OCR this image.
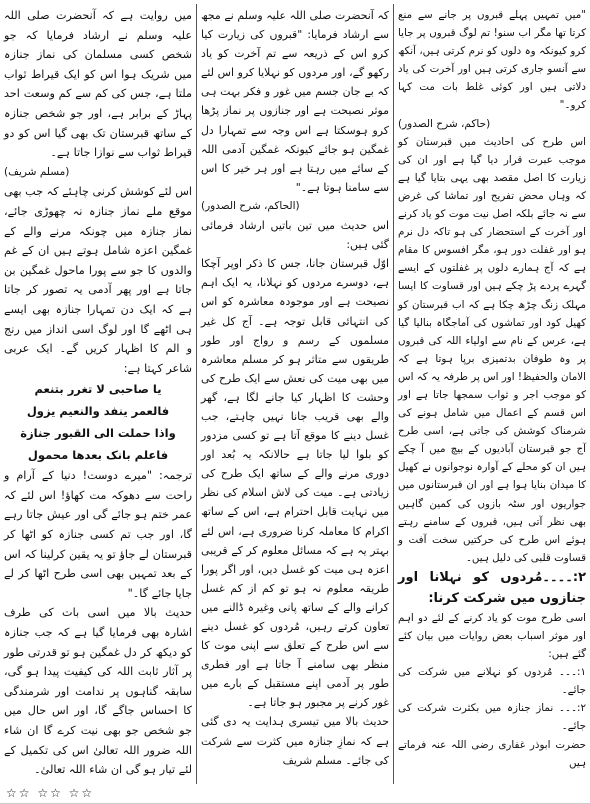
"میں تمہیں پہلے قبروں پر جانے سے منع کرتا تھا مگر اب سنو! تم لوگ قبروں پر جایا کرو کیونکہ وہ دلوں کو نرم کرتی ہیں، آنکھ سے آنسو جاری کرتی ہیں اور آخرت کی یاد دلاتی ہیں اور کوئی غلط بات مت کہا کرو۔"

(حاکم، شرح الصدور)

اس طرح کی احادیث میں قبرستان کو موجب عبرت قرار دیا گیا ہے اور ان کی زیارت کا اصل مقصد بھی یہی بتایا گیا ہے کہ وہاں محض تفریح اور تماشا کی غرض سے نہ جائے بلکہ اصل نیت موت کو یاد کرنے اور آخرت کے استحضار کی ہو تاکہ دل نرم ہو اور غفلت دور ہو، مگر افسوس کا مقام ہے کہ آج ہمارے دلوں پر غفلتوں کے ایسے گہرے پردے پڑ چکے ہیں اور قساوت کا ایسا مہلک زنگ چڑھ چکا ہے کہ اب قبرستان کو کھیل کود اور تماشوں کی آماجگاہ بنالیا گیا ہے، عرس کے نام سے اولیاء اللہ کی قبروں پر وہ طوفان بدتمیزی برپا ہوتا ہے کہ الامان والحفیظ! اور اس پر طرفہ یہ کہ اس کو موجب اجر و ثواب سمجھا جاتا ہے اور اس قسم کے اعمال میں شامل ہونے کی شرمناک کوشش کی جاتی ہے، اسی طرح آج جو قبرستان آبادیوں کے بیچ میں آ چکے ہیں ان کو محلے کے آوارہ نوجوانوں نے کھیل کا میدان بنایا ہوا ہے اور ان قبرستانوں میں جواریوں اور سٹہ بازوں کی کمین گاہیں بھی نظر آتی ہیں، قبروں کے سامنے رہتے ہوئے اس طرح کی حرکتیں سخت آفت و قساوت قلبی کی دلیل ہیں۔

۲:۔۔۔۔مُردوں کو نہلانا اور جنازوں میں شرکت کرنا:

اسی طرح موت کو یاد کرنے کے لئے دو اہم اور موثر اسباب بعض روایات میں بیان کئے گئے ہیں:

۱:۔۔۔ مُردوں کو نہلانے میں شرکت کی جائے۔

۲:۔۔۔ نماز جنازہ میں بکثرت شرکت کی جائے۔

حضرت ابوذر غفاری رضی اللہ عنہ فرماتے ہیں

کہ آنحضرت صلی اللہ علیہ وسلم نے مجھ سے ارشاد فرمایا: "قبروں کی زیارت کیا کرو اس کے ذریعہ سے تم آخرت کو یاد رکھو گے، اور مردوں کو نہلایا کرو اس لئے کہ بے جان جسم میں غور و فکر بہت ہی موثر نصیحت ہے اور جنازوں پر نماز پڑھا کرو ہوسکتا ہے اس وجہ سے تمہارا دل غمگین ہو جائے کیونکہ غمگین آدمی اللہ کے سائے میں رہتا ہے اور ہر خیر کا اس سے سامنا ہوتا ہے۔"

(الحاکم، شرح الصدور)

اس حدیث میں تین باتیں ارشاد فرمائی گئی ہیں:

اوّل قبرستان جانا، جس کا ذکر اوپر آچکا ہے، دوسرے مردوں کو نہلانا، یہ ایک اہم نصیحت ہے اور موجودہ معاشرہ کو اس کی انتہائی قابل توجہ ہے۔ آج کل غیر مسلموں کے رسم و رواج اور طور طریقوں سے متاثر ہو کر مسلم معاشرہ میں بھی میت کی نعش سے ایک طرح کی وحشت کا اظہار کیا جانے لگا ہے، گھر والے بھی قریب جانا نہیں چاہتے، جب غسل دینے کا موقع آتا ہے تو کسی مزدور کو بلوا لیا جاتا ہے حالانکہ یہ بُعد اور دوری مرنے والے کے ساتھ ایک طرح کی زیادتی ہے۔ میت کی لاش اسلام کی نظر میں نہایت قابل احترام ہے، اس کے ساتھ اکرام کا معاملہ کرنا ضروری ہے، اس لئے بہتر یہ ہے کہ مسائل معلوم کر کے قریبی اعزہ ہی میت کو غسل دیں، اور اگر پورا طریقہ معلوم نہ ہو تو کم از کم غسل کرانے والے کے ساتھ پانی وغیرہ ڈالنے میں تعاون کرتے رہیں، مُردوں کو غسل دینے سے اس طرح کے تعلق سے اپنی موت کا منظر بھی سامنے آ جاتا ہے اور فطری طور پر آدمی اپنے مستقبل کے بارے میں غور کرنے پر مجبور ہو جاتا ہے۔

حدیث بالا میں تیسری ہدایت یہ دی گئی ہے کہ نمازِ جنازہ میں کثرت سے شرکت کی جائے۔ مسلم شریف

میں روایت ہے کہ آنحضرت صلی اللہ علیہ وسلم نے ارشاد فرمایا کہ جو شخص کسی مسلمان کی نماز جنازہ میں شریک ہوا اس کو ایک قیراط ثواب ملتا ہے، جس کی کم سے کم وسعت احد پہاڑ کے برابر ہے، اور جو شخص جنازہ کے ساتھ قبرستان تک بھی گیا اس کو دو قیراط ثواب سے نوازا جاتا ہے۔

(مسلم شریف)

اس لئے کوشش کرنی چاہئے کہ جب بھی موقع ملے نماز جنازہ نہ چھوڑی جائے، نماز جنازہ میں چونکہ مرنے والے کے غمگین اعزہ شامل ہوتے ہیں ان کے غم والدوں کا جو سے پورا ماحول غمگین بن جاتا ہے اور پھر آدمی یہ تصور کر جاتا ہے کہ ایک دن تمہارا جنازہ بھی ایسے ہی اٹھے گا اور لوگ اسی انداز میں رنج و الم کا اظہار کریں گے۔ ایک عربی شاعر کہتا ہے:

یا صاحبی لا تغرر بتنعم

فالعمر ینفد والنعیم یزول

واذا حملت الی القبور جنازة

فاعلم بانک بعدها محمول

ترجمہ: "میرے دوست! دنیا کے آرام و راحت سے دھوکہ مت کھاؤ! اس لئے کہ عمر ختم ہو جائے گی اور عیش جاتا رہے گا، اور جب تم کسی جنازہ کو اٹھا کر قبرستان لے جاؤ تو یہ یقین کرلینا کہ اس کے بعد تمہیں بھی اسی طرح اٹھا کر لے جایا جائے گا۔"

حدیث بالا میں اسی بات کی طرف اشارہ بھی فرمایا گیا ہے کہ جب جنازہ کو دیکھ کر دل غمگین ہو تو قدرتی طور پر آثار ثابت اللہ کی کیفیت پیدا ہو گی، سابقہ گناہوں پر ندامت اور شرمندگی کا احساس جاگے گا، اور اس حال میں جو شخص جو بھی نیت کرے گا ان شاء اللہ ضرور اللہ تعالیٰ اس کی تکمیل کے لئے تیار ہو گی ان شاء اللہ تعالیٰ۔

☆☆ ☆☆ ☆☆
